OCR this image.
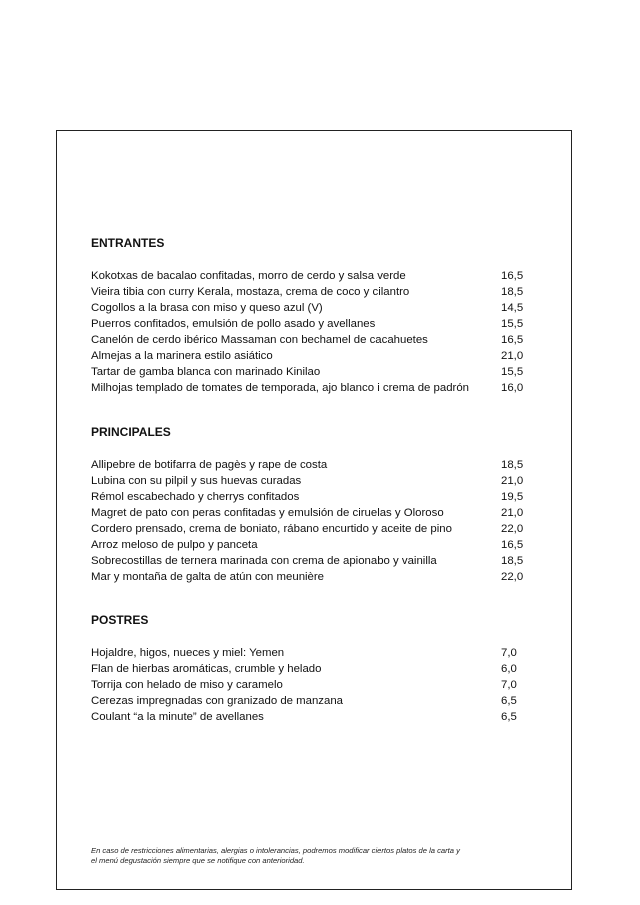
ENTRANTES
Kokotxas de bacalao confitadas, morro de cerdo y salsa verde	16,5
Vieira tibia con curry Kerala, mostaza, crema de coco y cilantro	18,5
Cogollos a la brasa con miso y queso azul (V)	14,5
Puerros confitados, emulsión de pollo asado y avellanes	15,5
Canelón de cerdo ibérico Massaman con bechamel de cacahuetes	16,5
Almejas a la marinera estilo asiático	21,0
Tartar de gamba blanca con marinado Kinilao	15,5
Milhojas templado de tomates de temporada, ajo blanco i crema de padrón	16,0
PRINCIPALES
Allipebre de botifarra de pagès y rape de costa	18,5
Lubina con su pilpil y sus huevas curadas	21,0
Rémol escabechado y cherrys confitados	19,5
Magret de pato con peras confitadas y emulsión de ciruelas y Oloroso	21,0
Cordero prensado, crema de boniato, rábano encurtido y aceite de pino	22,0
Arroz meloso de pulpo y panceta	16,5
Sobrecostillas de ternera marinada con crema de apionabo y vainilla	18,5
Mar y montaña de galta de atún con meunière	22,0
POSTRES
Hojaldre, higos, nueces y miel: Yemen	7,0
Flan de hierbas aromáticas, crumble y helado	6,0
Torrija con helado de miso y caramelo	7,0
Cerezas impregnadas con granizado de manzana	6,5
Coulant “a la minute” de avellanes	6,5
En caso de restricciones alimentarias, alergias o intolerancias, podremos modificar ciertos platos de la carta y
el menú degustación siempre que se notifique con anterioridad.
